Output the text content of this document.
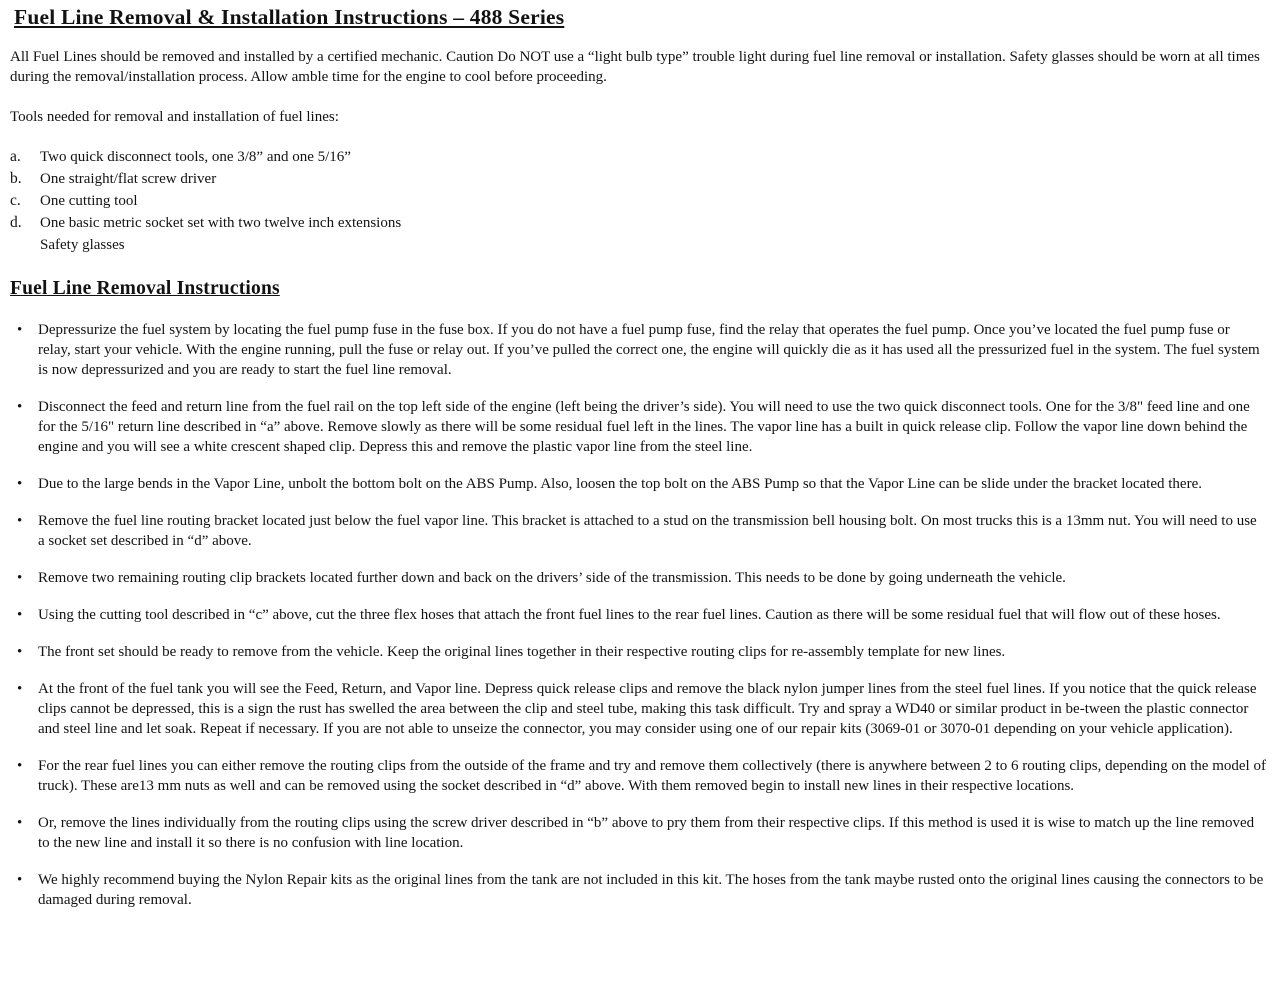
Fuel Line Removal & Installation Instructions – 488 Series

All Fuel Lines should be removed and installed by a certified mechanic. Caution Do NOT use a “light bulb type” trouble light during fuel line removal or installation. Safety glasses should be worn at all times during the removal/installation process. Allow amble time for the engine to cool before proceeding.

Tools needed for removal and installation of fuel lines:

a.	Two quick disconnect tools, one 3/8” and one 5/16”
b.	One straight/flat screw driver
c.	One cutting tool
d.	One basic metric socket set with two twelve inch extensions
Safety glasses
Fuel Line Removal Instructions
•
Depressurize the fuel system by locating the fuel pump fuse in the fuse box. If you do not have a fuel pump fuse, find the relay that operates the fuel pump. Once you’ve located the fuel pump fuse or relay, start your vehicle. With the engine running, pull the fuse or relay out. If you’ve pulled the correct one, the engine will quickly die as it has used all the pressurized fuel in the system. The fuel system is now depressurized and you are ready to start the fuel line removal.
•
Disconnect the feed and return line from the fuel rail on the top left side of the engine (left being the driver’s side). You will need to use the two quick disconnect tools. One for the 3/8" feed line and one for the 5/16" return line described in “a” above. Remove slowly as there will be some residual fuel left in the lines. The vapor line has a built in quick release clip. Follow the vapor line down behind the engine and you will see a white crescent shaped clip. Depress this and remove the plastic vapor line from the steel line.
•
Due to the large bends in the Vapor Line, unbolt the bottom bolt on the ABS Pump. Also, loosen the top bolt on the ABS Pump so that the Vapor Line can be slide under the bracket located there.
•
Remove the fuel line routing bracket located just below the fuel vapor line. This bracket is attached to a stud on the transmission bell housing bolt. On most trucks this is a 13mm nut. You will need to use a socket set described in “d” above.
•
Remove two remaining routing clip brackets located further down and back on the drivers’ side of the transmission. This needs to be done by going underneath the vehicle.
•
Using the cutting tool described in “c” above, cut the three flex hoses that attach the front fuel lines to the rear fuel lines. Caution as there will be some residual fuel that will flow out of these hoses.
•
The front set should be ready to remove from the vehicle. Keep the original lines together in their respective routing clips for re-assembly template for new lines.
•
At the front of the fuel tank you will see the Feed, Return, and Vapor line. Depress quick release clips and remove the black nylon jumper lines from the steel fuel lines. If you notice that the quick release clips cannot be depressed, this is a sign the rust has swelled the area between the clip and steel tube, making this task difficult. Try and spray a WD40 or similar product in be-tween the plastic connector and steel line and let soak. Repeat if necessary. If you are not able to unseize the connector, you may consider using one of our repair kits (3069-01 or 3070-01 depending on your vehicle application).
•
For the rear fuel lines you can either remove the routing clips from the outside of the frame and try and remove them collectively (there is anywhere between 2 to 6 routing clips, depending on the model of truck). These are13 mm nuts as well and can be removed using the socket described in “d” above. With them removed begin to install new lines in their respective locations.
•
Or, remove the lines individually from the routing clips using the screw driver described in “b” above to pry them from their respective clips. If this method is used it is wise to match up the line removed to the new line and install it so there is no confusion with line location.
•
We highly recommend buying the Nylon Repair kits as the original lines from the tank are not included in this kit. The hoses from the tank maybe rusted onto the original lines causing the connectors to be damaged during removal.
